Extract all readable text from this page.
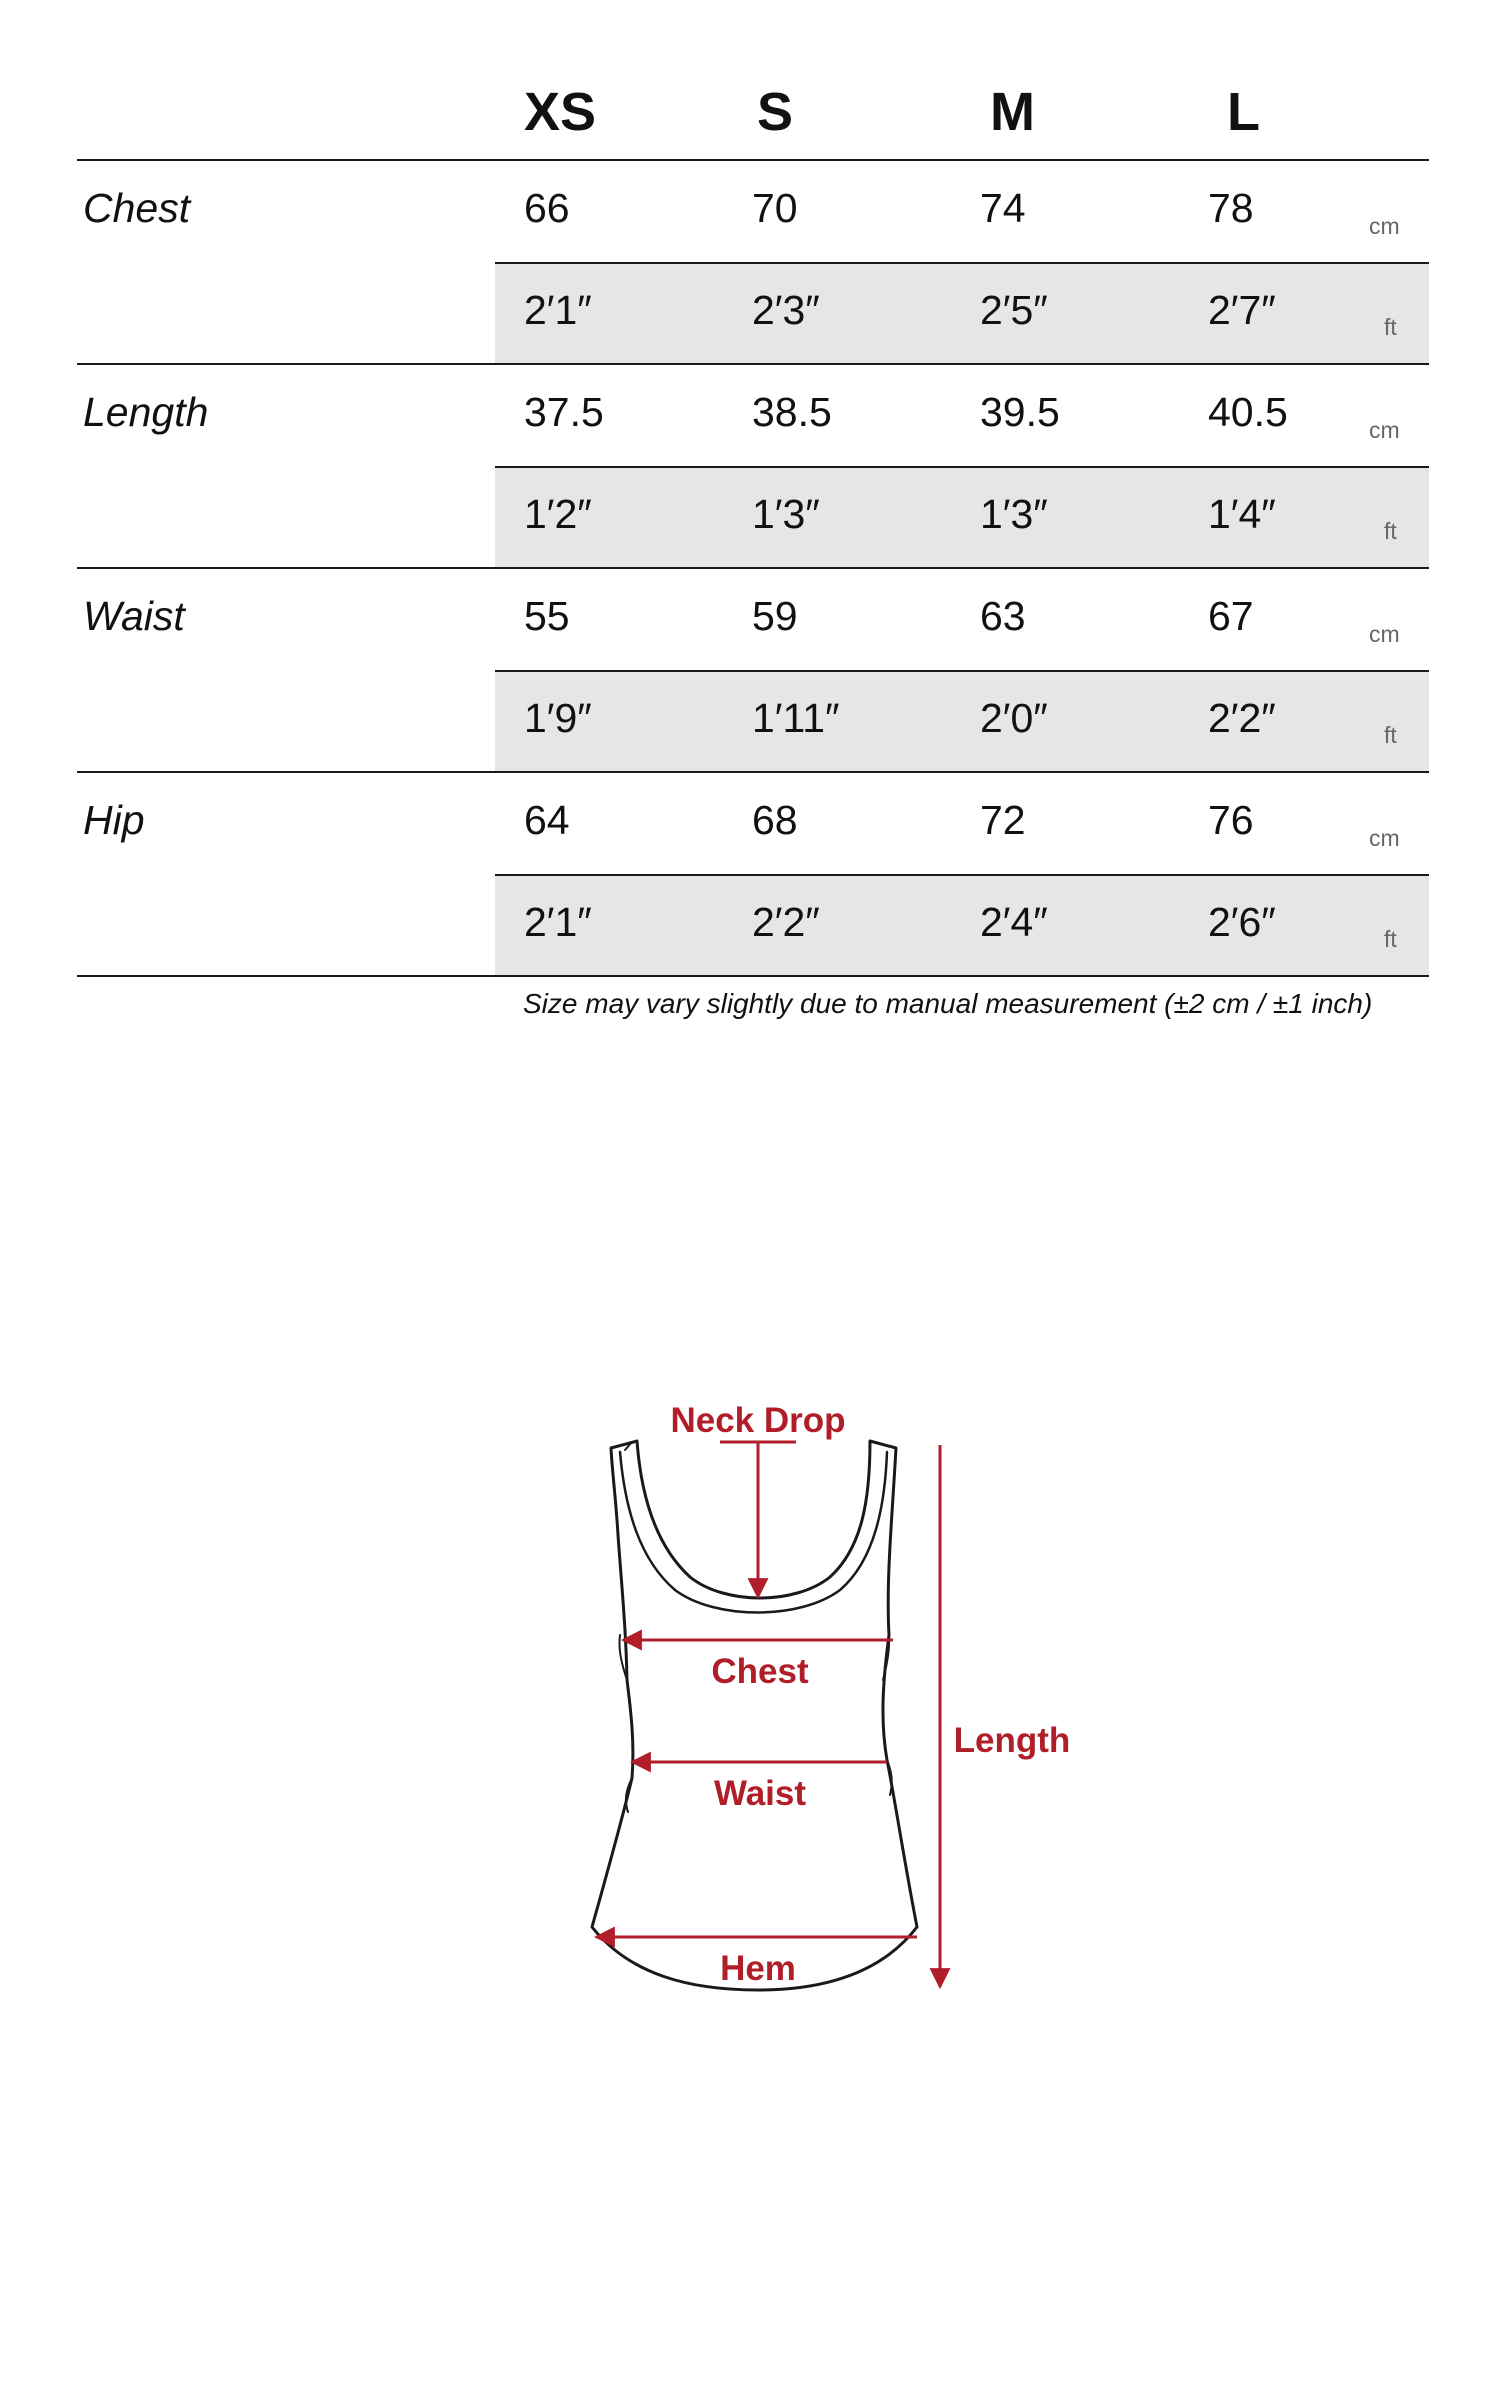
XS	S	M	L
Chest	66	70	74	78	cm
2′1″	2′3″	2′5″	2′7″	ft
Length	37.5	38.5	39.5	40.5	cm
1′2″	1′3″	1′3″	1′4″	ft
Waist	55	59	63	67	cm
1′9″	1′11″	2′0″	2′2″	ft
Hip	64	68	72	76	cm
2′1″	2′2″	2′4″	2′6″	ft
Size may vary slightly due to manual measurement (±2 cm / ±1 inch)
Neck Drop
Chest
Waist
Hem
Length
